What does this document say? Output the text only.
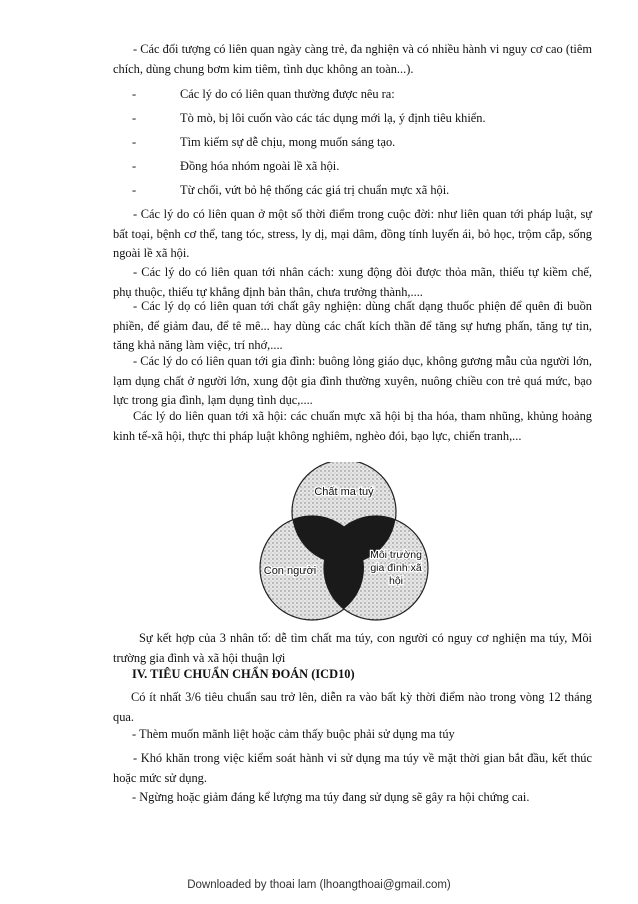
- Các đối tượng có liên quan ngày càng trẻ, đa nghiện và có nhiều hành vi nguy cơ cao (tiêm chích, dùng chung bơm kim tiêm, tình dục không an toàn...).
-	Các lý do có liên quan thường được nêu ra:
-	Tò mò, bị lôi cuốn vào các tác dụng mới lạ, ý định tiêu khiển.
-	Tìm kiếm sự dễ chịu, mong muốn sáng tạo.
-	Đồng hóa nhóm ngoài lề xã hội.
-	Từ chối, vứt bỏ hệ thống các giá trị chuẩn mực xã hội.
- Các lý do có liên quan ở một số thời điểm trong cuộc đời: như liên quan tới pháp luật, sự bất toại, bệnh cơ thể, tang tóc, stress, ly dị, mại dâm, đồng tính luyến ái, bỏ học, trộm cắp, sống ngoài lề xã hội.
- Các lý do có liên quan tới nhân cách: xung động đòi được thỏa mãn, thiếu tự kiềm chế, phụ thuộc, thiếu tự khẳng định bản thân, chưa trưởng thành,....
- Các lý dọ có liên quan tới chất gây nghiện: dùng chất dạng thuốc phiện để quên đi buồn phiền, để giảm đau, để tê mê... hay dùng các chất kích thần để tăng sự hưng phấn, tăng tự tin, tăng khả năng làm việc, trí nhớ,....
- Các lý do có liên quan tới gia đình: buông lỏng giáo dục, không gương mẫu của người lớn, lạm dụng chất ở người lớn, xung đột gia đình thường xuyên, nuông chiều con trẻ quá mức, bạo lực trong gia đình, lạm dụng tình dục,....
Các lý do liên quan tới xã hội: các chuẩn mực xã hội bị tha hóa, tham nhũng, khủng hoảng kinh tế-xã hội, thực thi pháp luật không nghiêm, nghèo đói, bạo lực, chiến tranh,...
Chất ma tuý
Con người
Môi trường
gia đình xã
hội
Sự kết hợp của 3 nhân tố: dễ tìm chất ma túy, con người có nguy cơ nghiện ma túy, Môi trường gia đình và xã hội thuận lợi
IV. TIÊU CHUẨN CHẨN ĐOÁN (ICD10)
Có ít nhất 3/6 tiêu chuẩn sau trở lên, diễn ra vào bất kỳ thời điểm nào trong vòng 12 tháng qua.
- Thèm muốn mãnh liệt hoặc cảm thấy buộc phải sử dụng ma túy
- Khó khăn trong việc kiểm soát hành vi sử dụng ma túy về mặt thời gian bắt đầu, kết thúc hoặc mức sử dụng.
- Ngừng hoặc giảm đáng kể lượng ma túy đang sử dụng sẽ gây ra hội chứng cai.
Downloaded by thoai lam (lhoangthoai@gmail.com)
